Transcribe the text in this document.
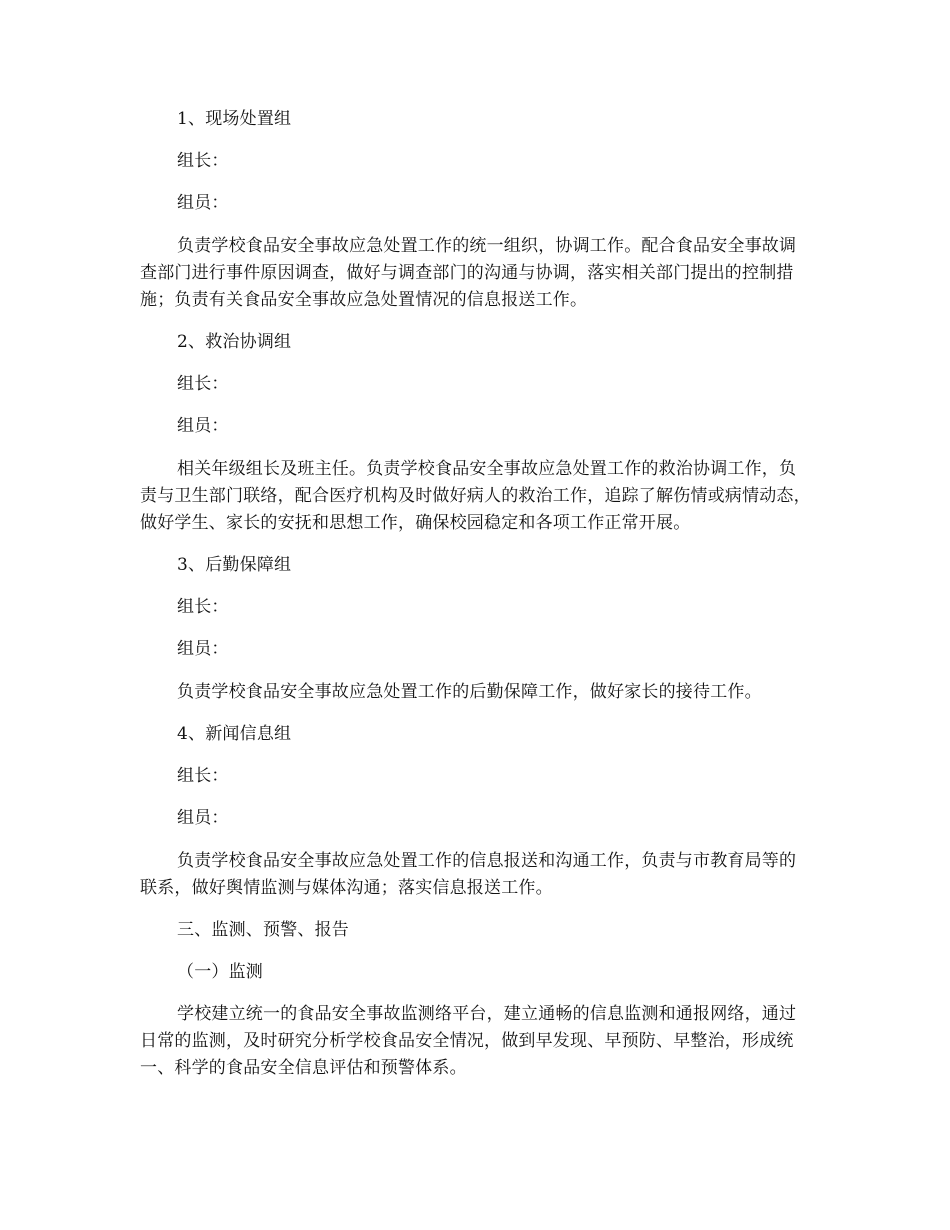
1、现场处置组

组长：

组员：

负责学校食品安全事故应急处置工作的统一组织，协调工作。配合食品安全事故调查部门进行事件原因调查，做好与调查部门的沟通与协调，落实相关部门提出的控制措施；负责有关食品安全事故应急处置情况的信息报送工作。

2、救治协调组

组长：

组员：

相关年级组长及班主任。负责学校食品安全事故应急处置工作的救治协调工作，负责与卫生部门联络，配合医疗机构及时做好病人的救治工作，追踪了解伤情或病情动态，做好学生、家长的安抚和思想工作，确保校园稳定和各项工作正常开展。

3、后勤保障组

组长：

组员：

负责学校食品安全事故应急处置工作的后勤保障工作，做好家长的接待工作。

4、新闻信息组

组长：

组员：

负责学校食品安全事故应急处置工作的信息报送和沟通工作，负责与市教育局等的联系，做好舆情监测与媒体沟通；落实信息报送工作。

三、监测、预警、报告

（一）监测

学校建立统一的食品安全事故监测络平台，建立通畅的信息监测和通报网络，通过日常的监测，及时研究分析学校食品安全情况，做到早发现、早预防、早整治，形成统一、科学的食品安全信息评估和预警体系。
